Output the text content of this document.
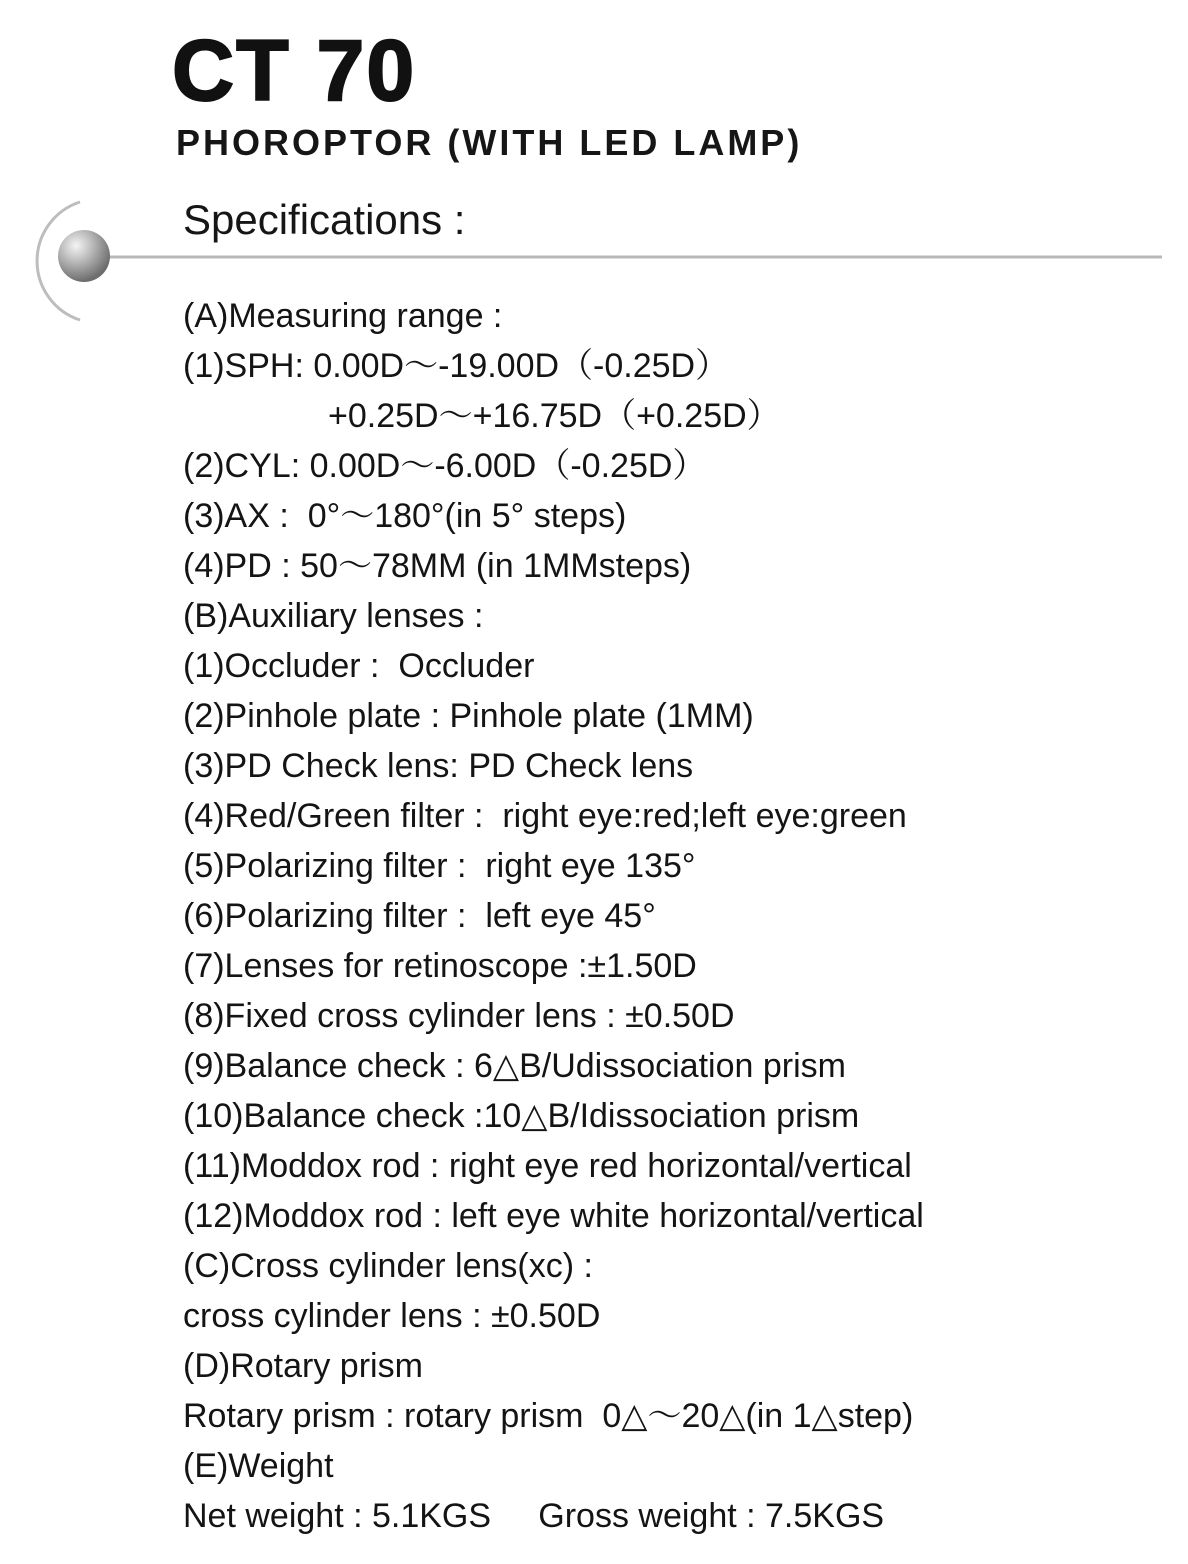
CT 70
PHOROPTOR (WITH LED LAMP)
Specifications :
(A)Measuring range :
(1)SPH: 0.00D～-19.00D（-0.25D）
+0.25D～+16.75D（+0.25D）
(2)CYL: 0.00D～-6.00D（-0.25D）
(3)AX :  0°～180°(in 5° steps)
(4)PD : 50～78MM (in 1MMsteps)
(B)Auxiliary lenses :
(1)Occluder :  Occluder
(2)Pinhole plate : Pinhole plate (1MM)
(3)PD Check lens: PD Check lens
(4)Red/Green filter :  right eye:red;left eye:green
(5)Polarizing filter :  right eye 135°
(6)Polarizing filter :  left eye 45°
(7)Lenses for retinoscope :±1.50D
(8)Fixed cross cylinder lens : ±0.50D
(9)Balance check : 6△B/Udissociation prism
(10)Balance check :10△B/Idissociation prism
(11)Moddox rod : right eye red horizontal/vertical
(12)Moddox rod : left eye white horizontal/vertical
(C)Cross cylinder lens(xc) :
cross cylinder lens : ±0.50D
(D)Rotary prism
Rotary prism : rotary prism  0△～20△(in 1△step)
(E)Weight
Net weight : 5.1KGS     Gross weight : 7.5KGS
